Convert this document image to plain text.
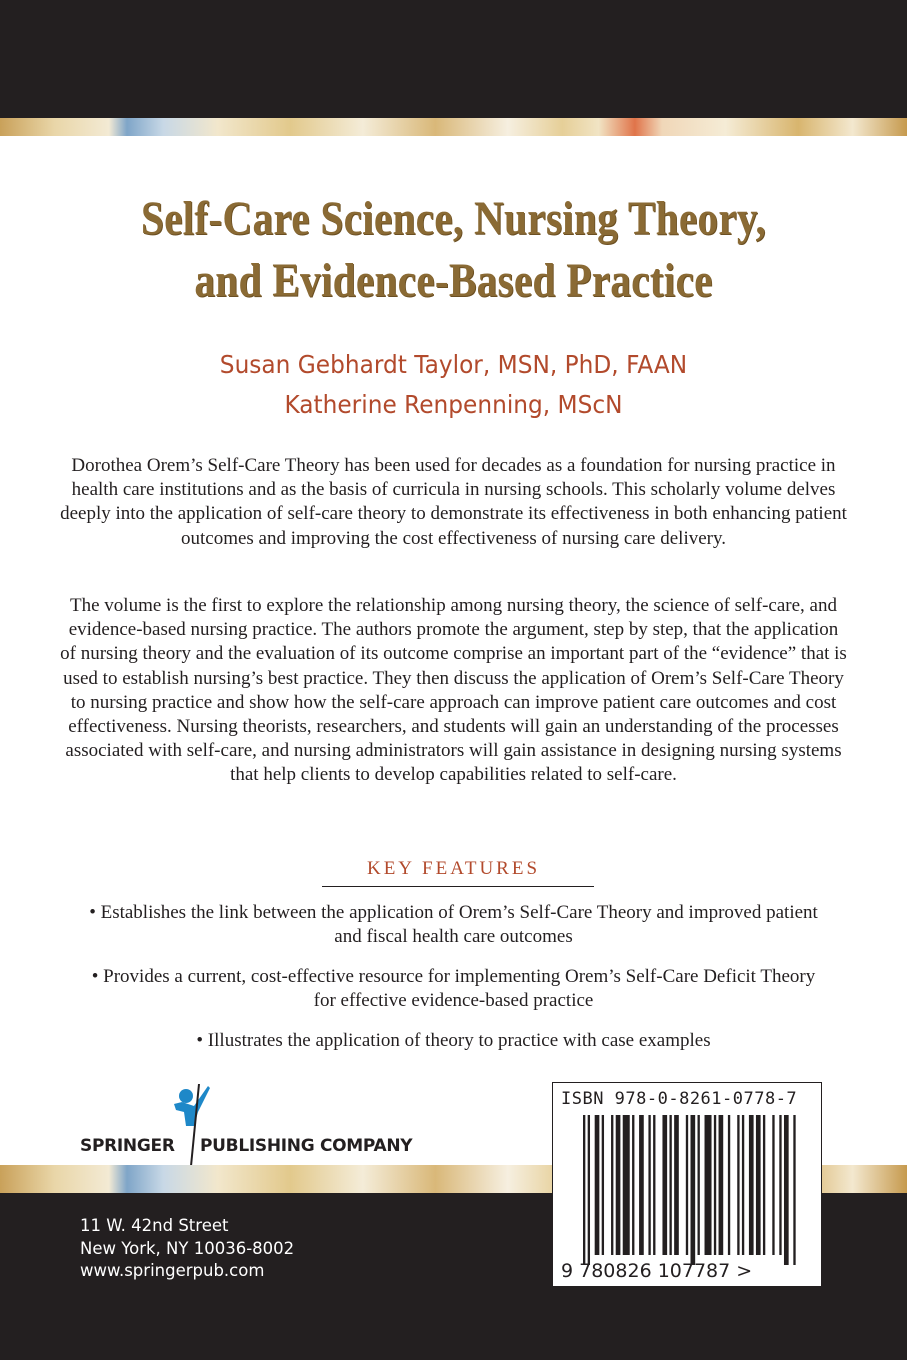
Self-Care Science, Nursing Theory,
and Evidence-Based Practice
Susan Gebhardt Taylor, MSN, PhD, FAAN
Katherine Renpenning, MScN

Dorothea Orem’s Self-Care Theory has been used for decades as a foundation for nursing practice in health care institutions and as the basis of curricula in nursing schools. This scholarly volume delves deeply into the application of self-care theory to demonstrate its effectiveness in both enhancing patient outcomes and improving the cost effectiveness of nursing care delivery.

The volume is the first to explore the relationship among nursing theory, the science of self-care, and evidence-based nursing practice. The authors promote the argument, step by step, that the application of nursing theory and the evaluation of its outcome comprise an important part of the “evidence” that is used to establish nursing’s best practice. They then discuss the application of Orem’s Self-Care Theory to nursing practice and show how the self-care approach can improve patient care outcomes and cost effectiveness. Nursing theorists, researchers, and students will gain an understanding of the processes associated with self-care, and nursing administrators will gain assistance in designing nursing systems that help clients to develop capabilities related to self-care.

KEY FEATURES

• Establishes the link between the application of Orem’s Self-Care Theory and improved patient and fiscal health care outcomes

• Provides a current, cost-effective resource for implementing Orem’s Self-Care Deficit Theory for effective evidence-based practice

• Illustrates the application of theory to practice with case examples

SPRINGER PUBLISHING COMPANY
11 W. 42nd Street
New York, NY 10036-8002
www.springerpub.com
ISBN 978-0-8261-0778-7
9 780826 107787 >
